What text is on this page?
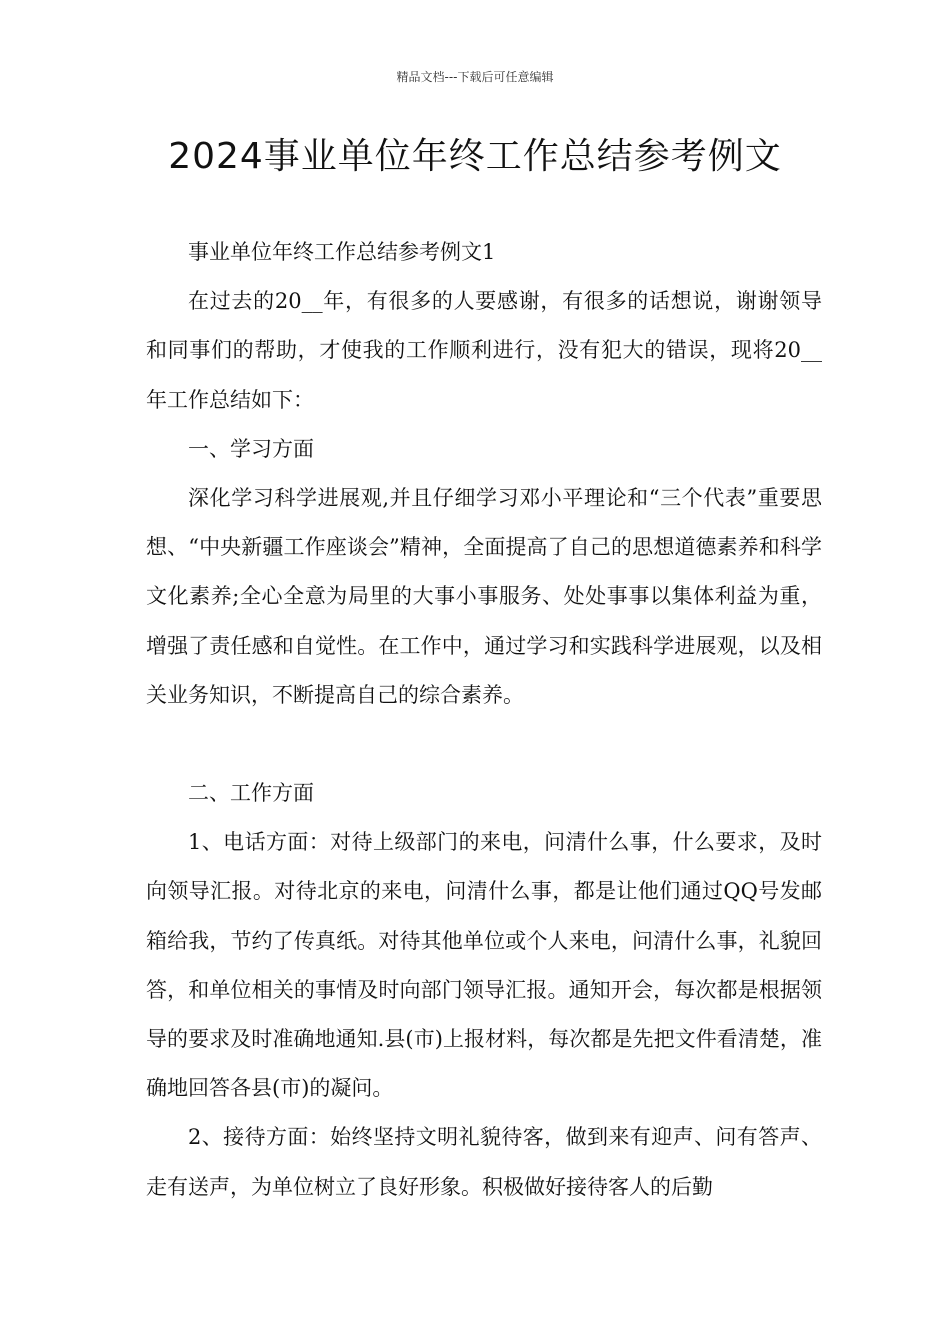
精品文档---下载后可任意编辑
2024事业单位年终工作总结参考例文

事业单位年终工作总结参考例文1

在过去的20__年，有很多的人要感谢，有很多的话想说，谢谢领导和同事们的帮助，才使我的工作顺利进行，没有犯大的错误，现将20__年工作总结如下：

一、学习方面

深化学习科学进展观,并且仔细学习邓小平理论和“三个代表”重要思想、“中央新疆工作座谈会”精神，全面提高了自己的思想道德素养和科学文化素养;全心全意为局里的大事小事服务、处处事事以集体利益为重，增强了责任感和自觉性。在工作中，通过学习和实践科学进展观，以及相关业务知识，不断提高自己的综合素养。

二、工作方面

1、电话方面：对待上级部门的来电，问清什么事，什么要求，及时向领导汇报。对待北京的来电，问清什么事，都是让他们通过QQ号发邮箱给我，节约了传真纸。对待其他单位或个人来电，问清什么事，礼貌回答，和单位相关的事情及时向部门领导汇报。通知开会，每次都是根据领导的要求及时准确地通知.县(市)上报材料，每次都是先把文件看清楚，准确地回答各县(市)的凝问。

2、接待方面：始终坚持文明礼貌待客，做到来有迎声、问有答声、走有送声，为单位树立了良好形象。积极做好接待客人的后勤
